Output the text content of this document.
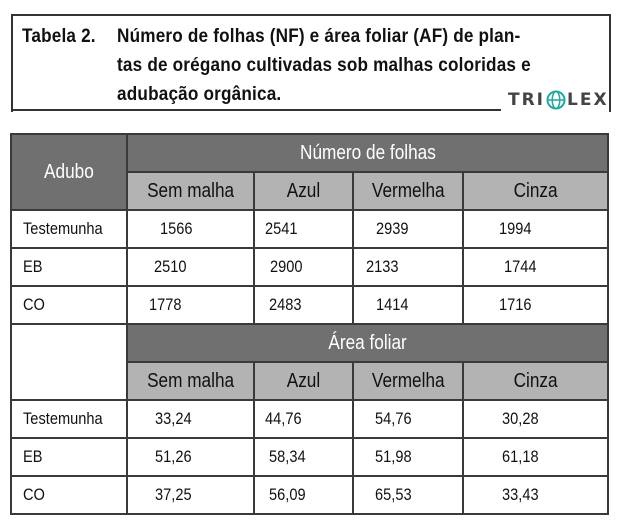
Tabela 2. Número de folhas (NF) e área foliar (AF) de plan-
tas de orégano cultivadas sob malhas coloridas e
adubação orgânica.	TRI LEX
Adubo	Número de folhas			
	Sem malha	Azul	Vermelha	Cinza
Testemunha	1566	2541	2939	1994
EB	2510	2900	2133	1744
CO	1778	2483	1414	1716
	Área foliar			
	Sem malha	Azul	Vermelha	Cinza
Testemunha	33,24	44,76	54,76	30,28
EB	51,26	58,34	51,98	61,18
CO	37,25	56,09	65,53	33,43
